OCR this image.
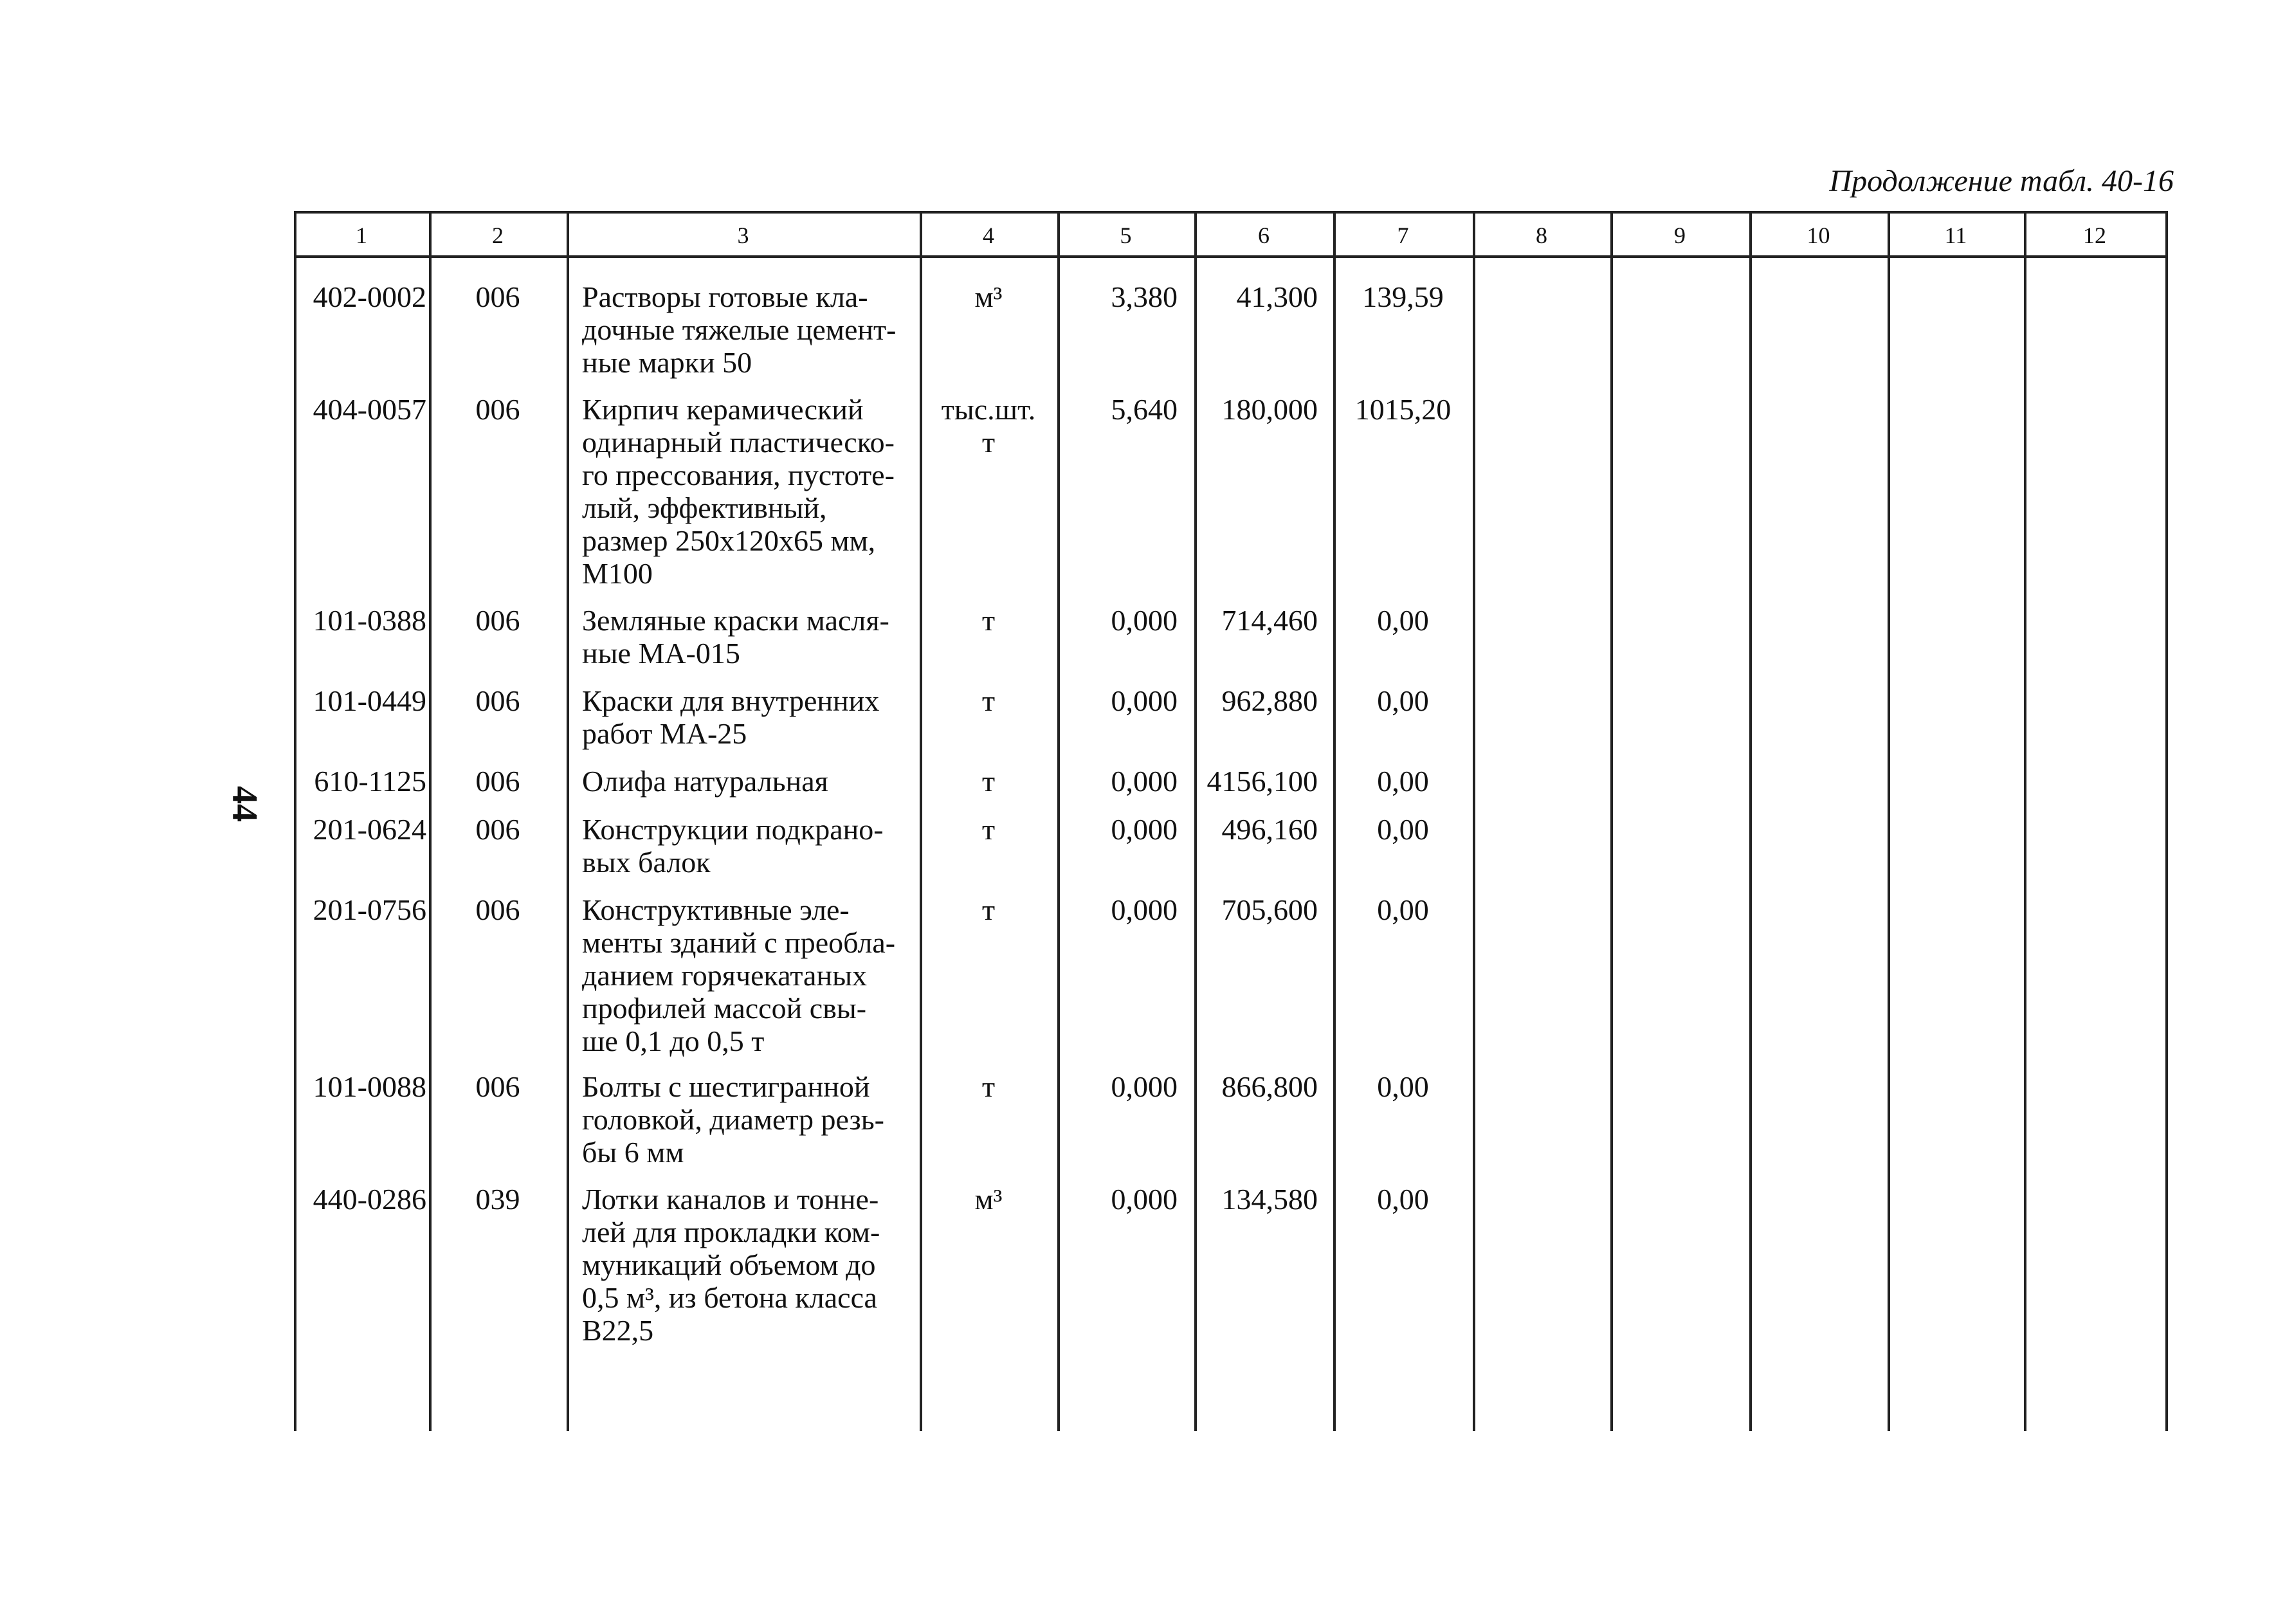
Продолжение табл. 40-16
44
1	2	3	4	5	6	7	8	9	10	11	12
402-0002	006	Растворы готовые кла-
дочные тяжелые цемент-
ные марки 50
м³	3,380	41,300	139,59
404-0057	006	Кирпич керамический
одинарный пластическо-
го прессования, пустоте-
лый, эффективный,
размер 250х120х65 мм,
М100
тыс.шт.
т
5,640	180,000	1015,20
101-0388	006	Земляные краски масля-
ные МА-015
т	0,000	714,460	0,00
101-0449	006	Краски для внутренних
работ МА-25
т	0,000	962,880	0,00
610-1125	006	Олифа натуральная	т	0,000 4156,100	0,00
201-0624	006	Конструкции подкрано-
вых балок
т	0,000	496,160	0,00
201-0756	006	Конструктивные эле-
менты зданий с преобла-
данием горячекатаных
профилей массой свы-
ше 0,1 до 0,5 т
т	0,000	705,600	0,00
101-0088	006	Болты с шестигранной
головкой, диаметр резь-
бы 6 мм
т	0,000	866,800	0,00
440-0286	039	Лотки каналов и тонне-
лей для прокладки ком-
муникаций объемом до
0,5 м³, из бетона класса
В22,5
м³	0,000	134,580	0,00
